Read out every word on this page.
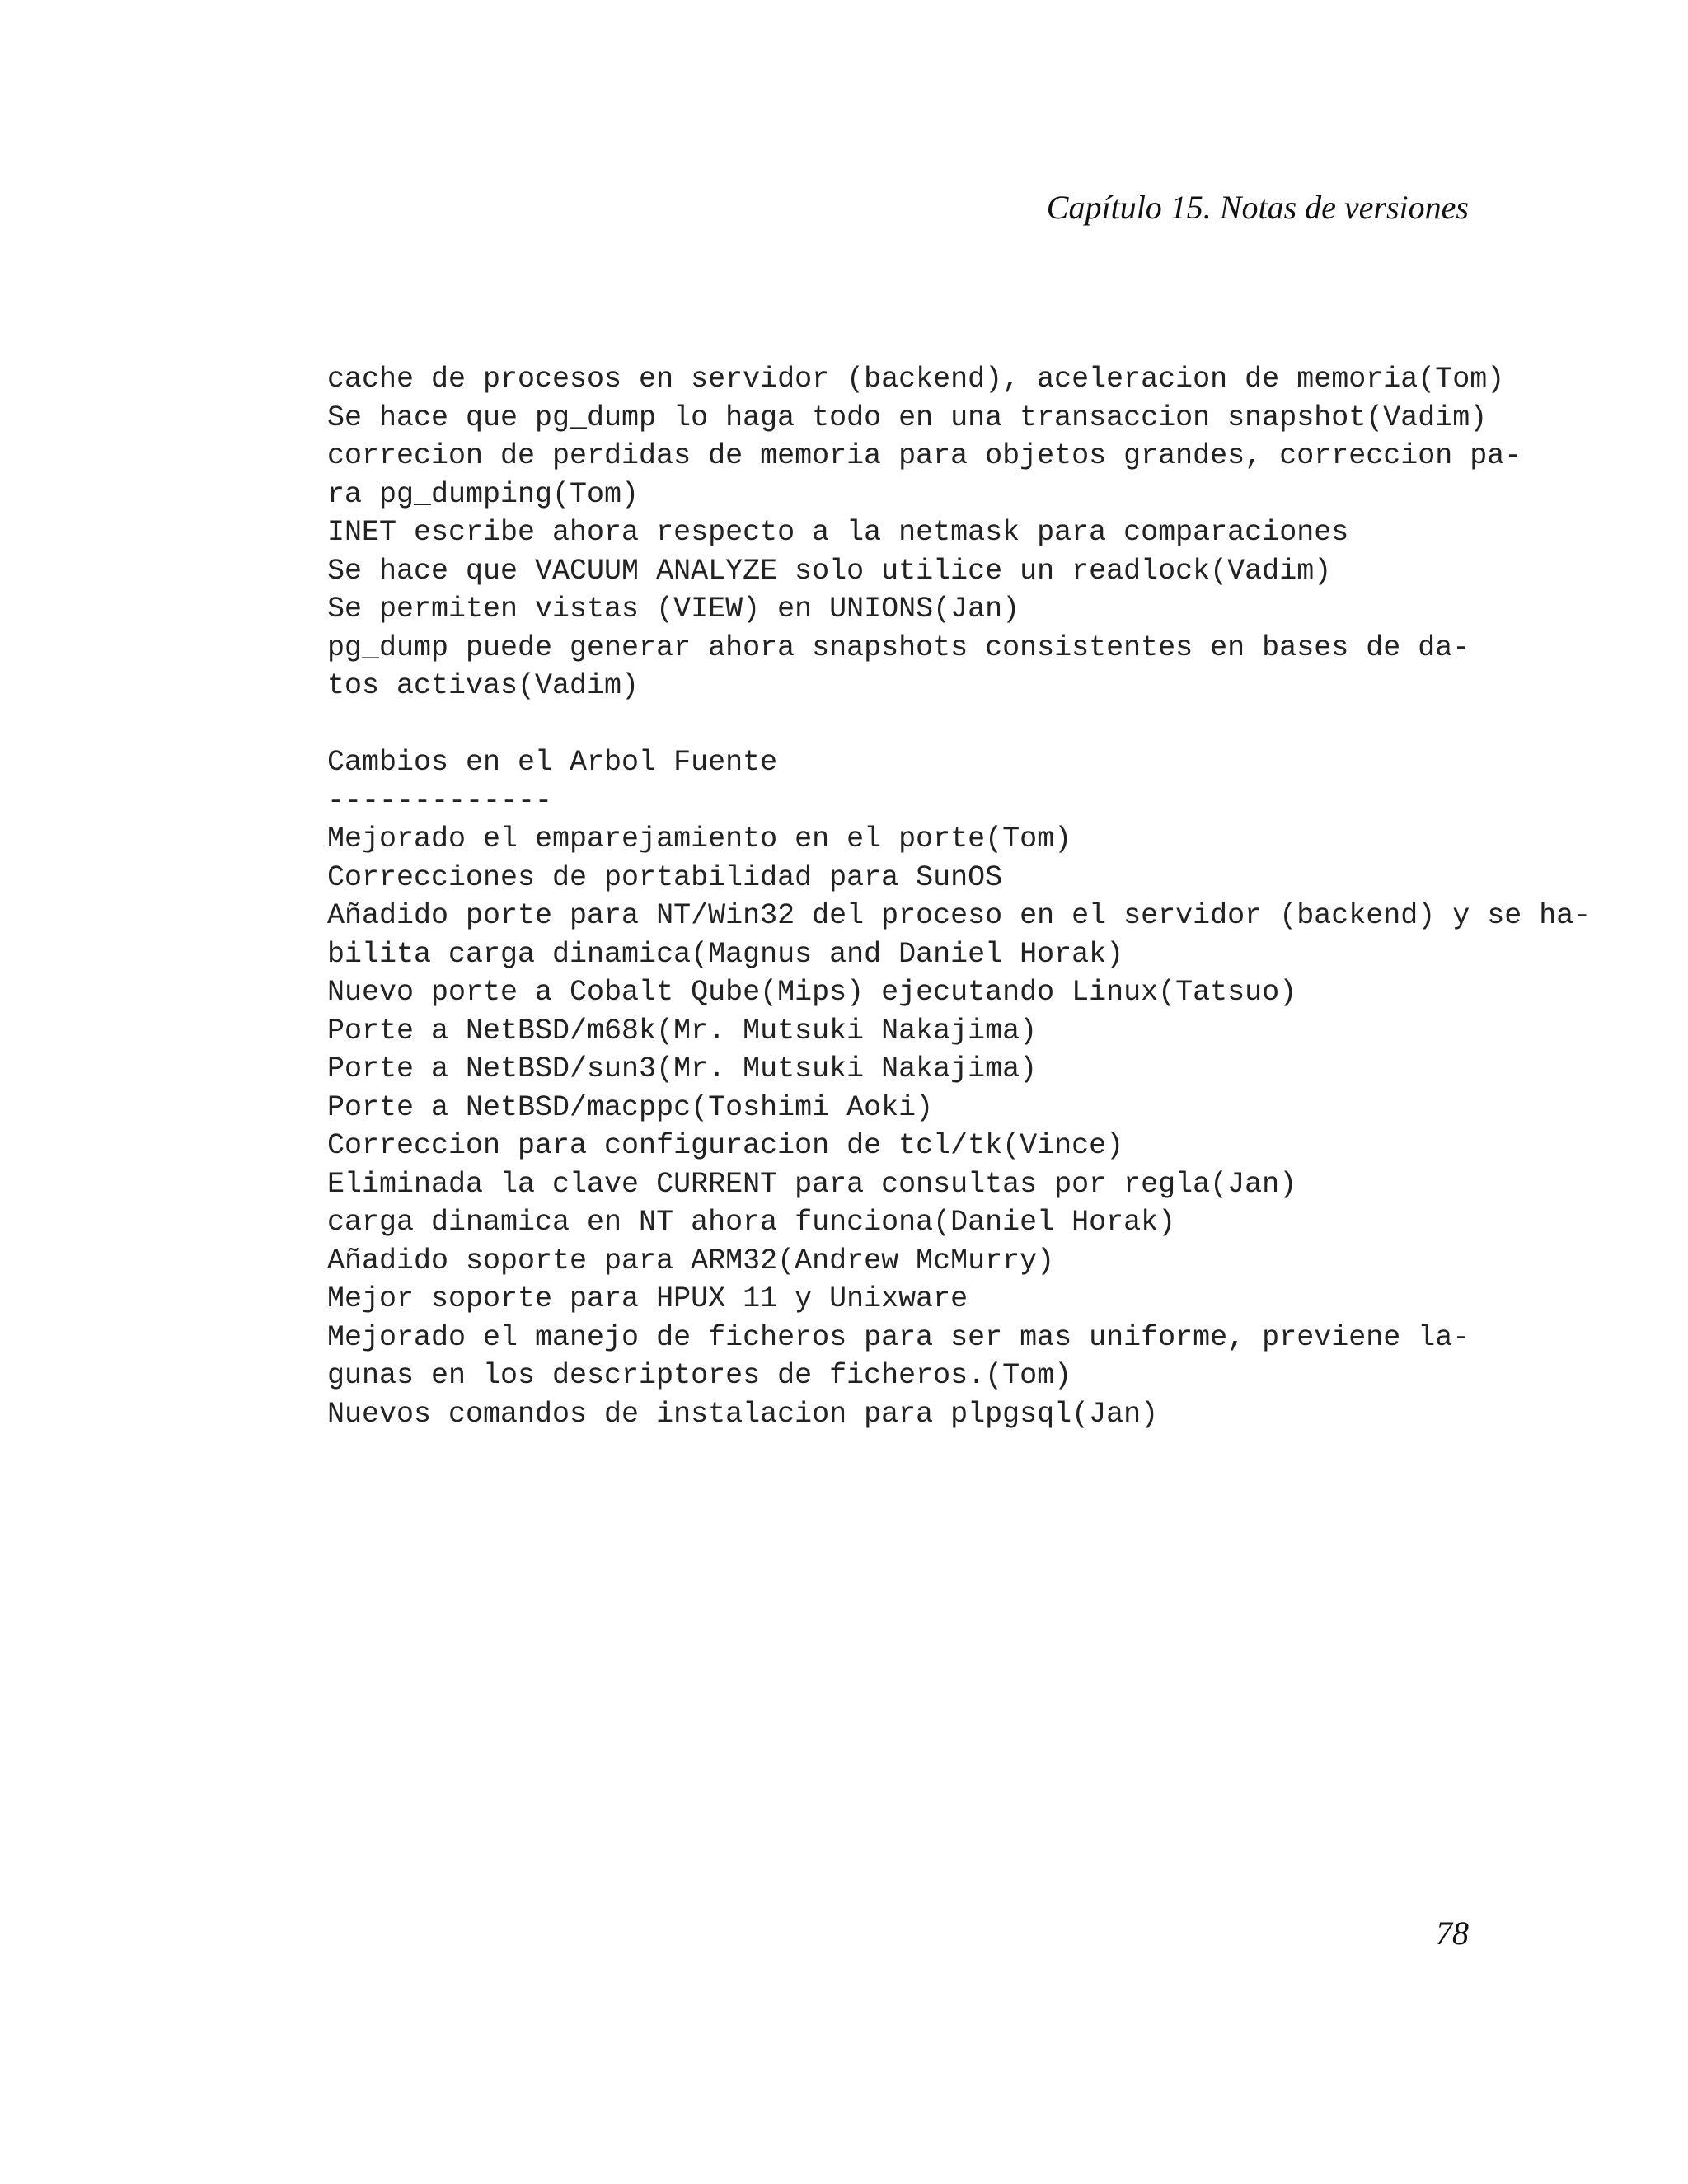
Capítulo 15. Notas de versiones
cache de procesos en servidor (backend), aceleracion de memoria(Tom)
Se hace que pg_dump lo haga todo en una transaccion snapshot(Vadim)
correcion de perdidas de memoria para objetos grandes, correccion pa-
ra pg_dumping(Tom)
INET escribe ahora respecto a la netmask para comparaciones
Se hace que VACUUM ANALYZE solo utilice un readlock(Vadim)
Se permiten vistas (VIEW) en UNIONS(Jan)
pg_dump puede generar ahora snapshots consistentes en bases de da-
tos activas(Vadim)
Cambios en el Arbol Fuente
-------------
Mejorado el emparejamiento en el porte(Tom)
Correcciones de portabilidad para SunOS
Añadido porte para NT/Win32 del proceso en el servidor (backend) y se ha-
bilita carga dinamica(Magnus and Daniel Horak)
Nuevo porte a Cobalt Qube(Mips) ejecutando Linux(Tatsuo)
Porte a NetBSD/m68k(Mr. Mutsuki Nakajima)
Porte a NetBSD/sun3(Mr. Mutsuki Nakajima)
Porte a NetBSD/macppc(Toshimi Aoki)
Correccion para configuracion de tcl/tk(Vince)
Eliminada la clave CURRENT para consultas por regla(Jan)
carga dinamica en NT ahora funciona(Daniel Horak)
Añadido soporte para ARM32(Andrew McMurry)
Mejor soporte para HPUX 11 y Unixware
Mejorado el manejo de ficheros para ser mas uniforme, previene la-
gunas en los descriptores de ficheros.(Tom)
Nuevos comandos de instalacion para plpgsql(Jan)
78
